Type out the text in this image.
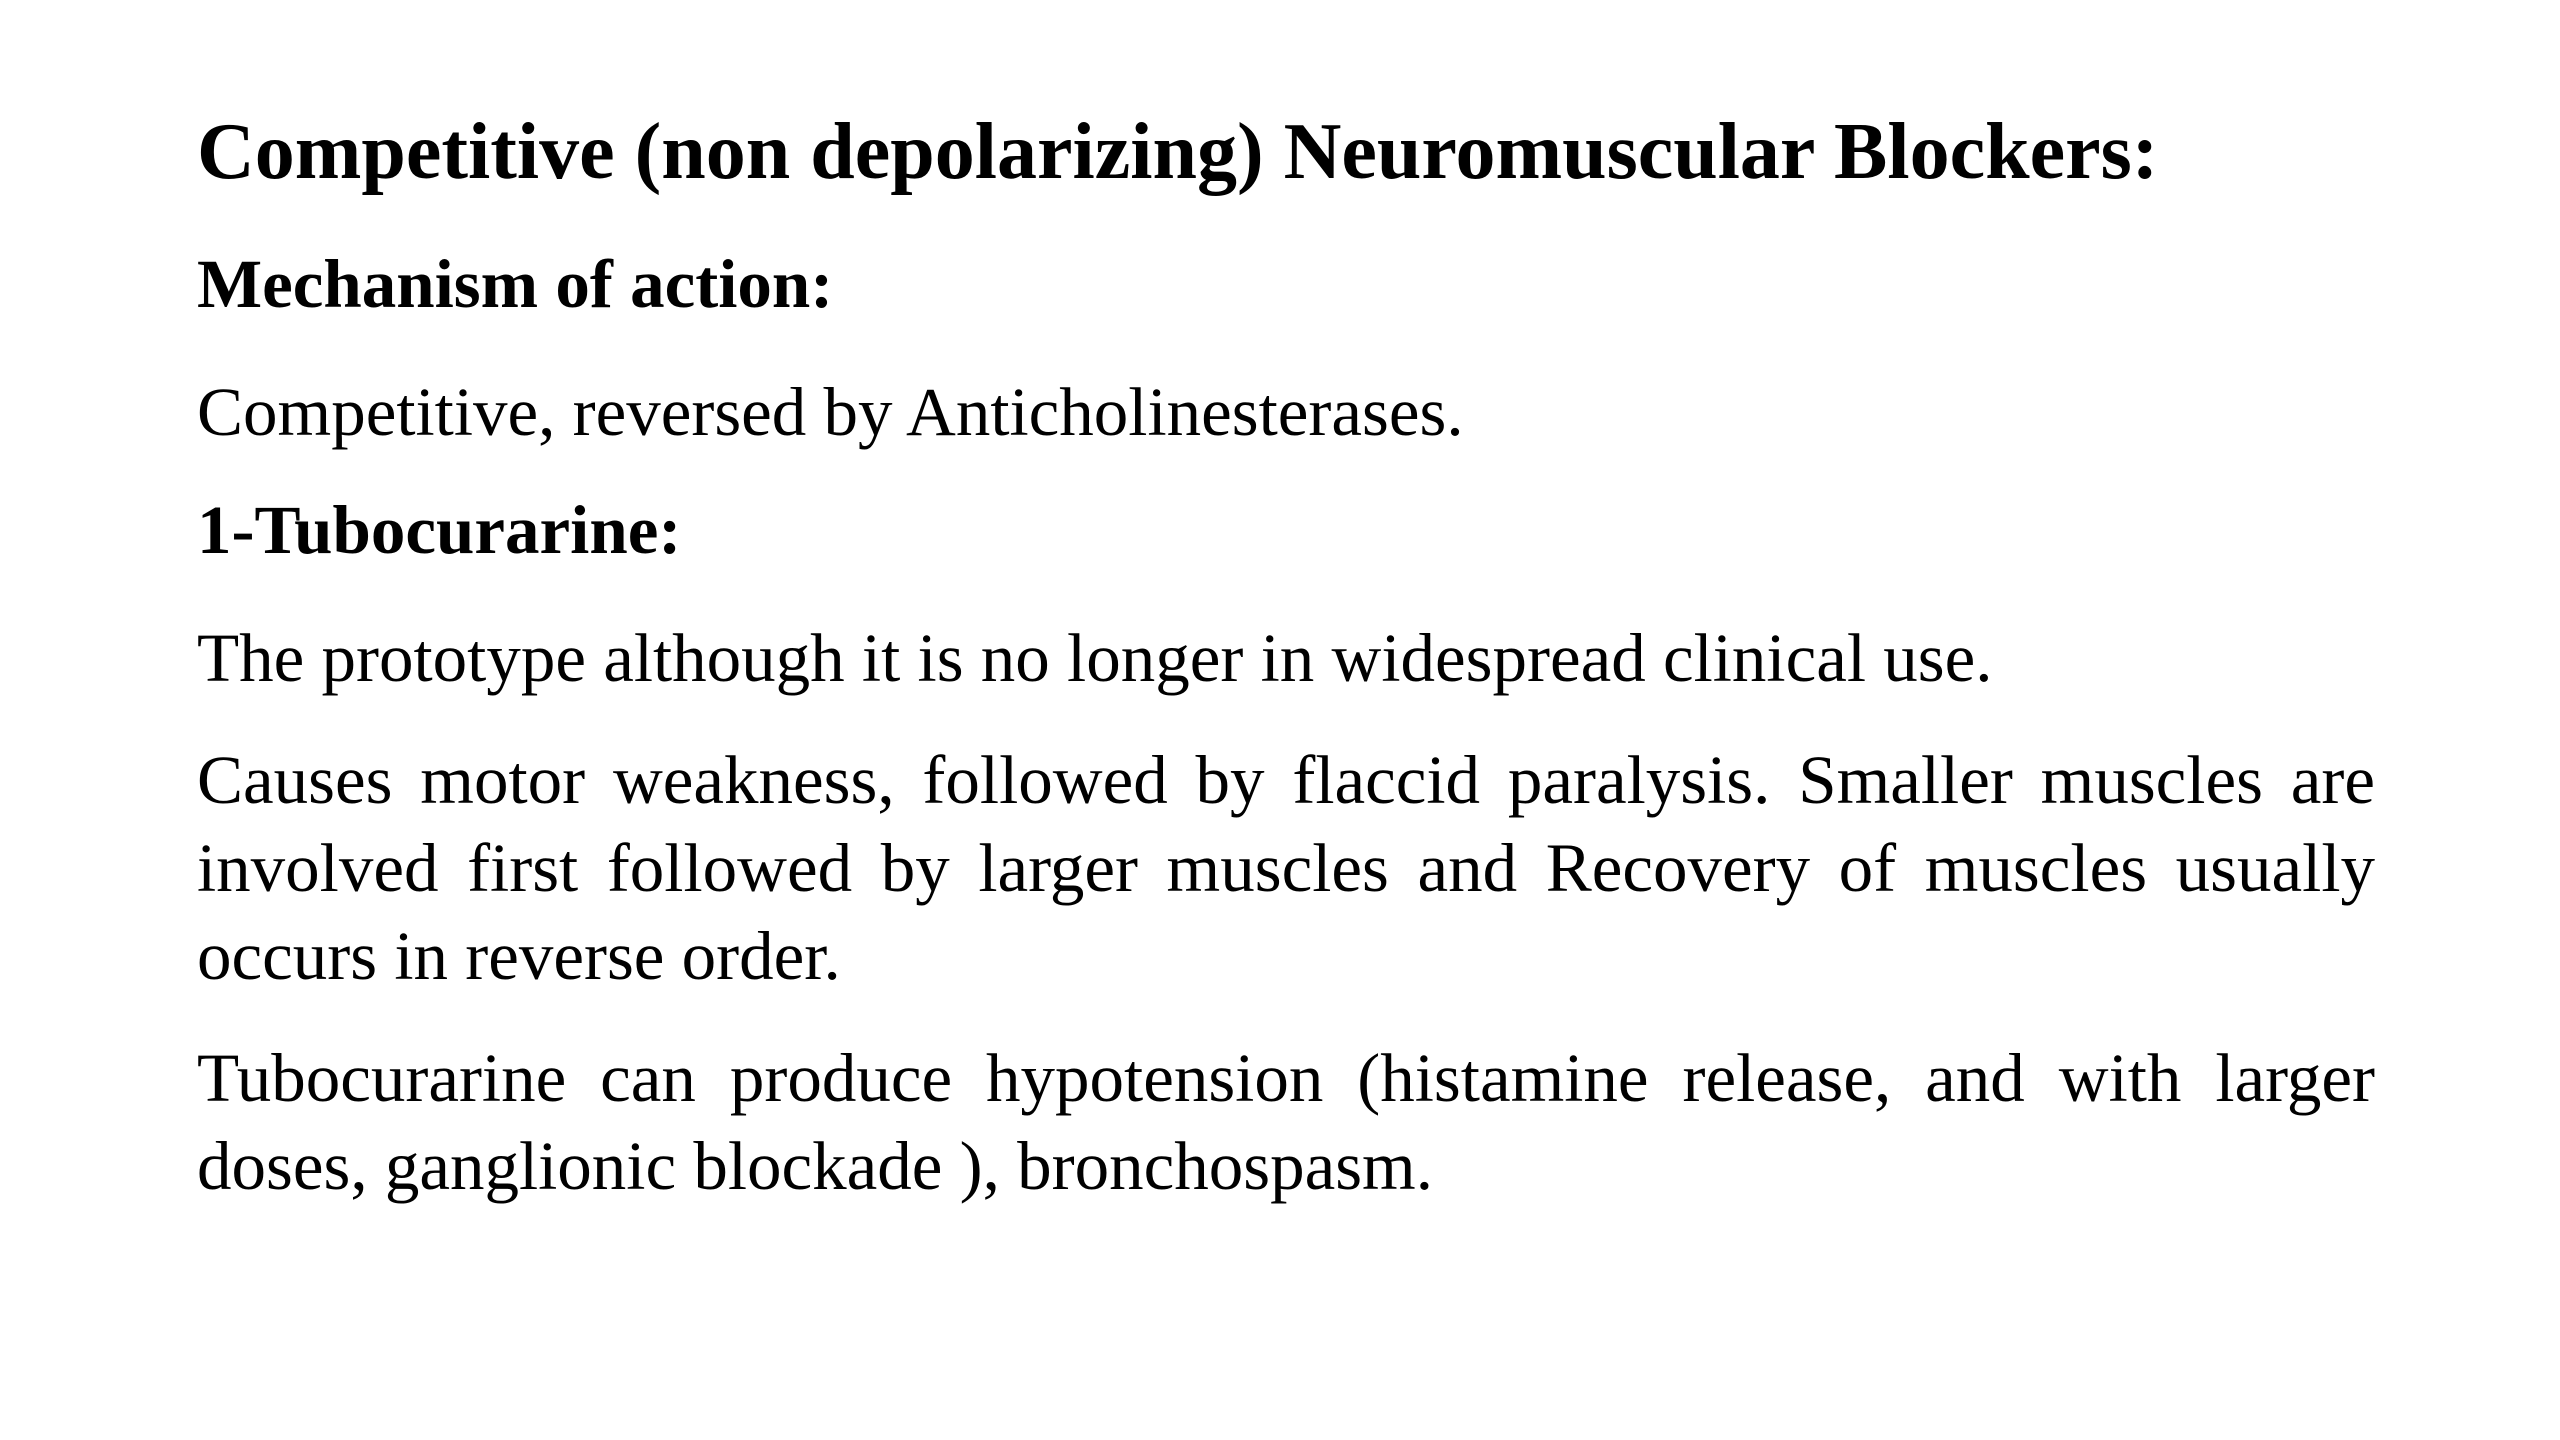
Competitive (non depolarizing) Neuromuscular Blockers:
Mechanism of action:

Competitive, reversed by Anticholinesterases.

1-Tubocurarine:

The prototype although it is no longer in widespread clinical use.

Causes motor weakness, followed by flaccid paralysis. Smaller muscles are involved first followed by larger muscles and Recovery of muscles usually occurs in reverse order.

Tubocurarine can produce hypotension (histamine release, and with larger doses, ganglionic blockade ), bronchospasm.
